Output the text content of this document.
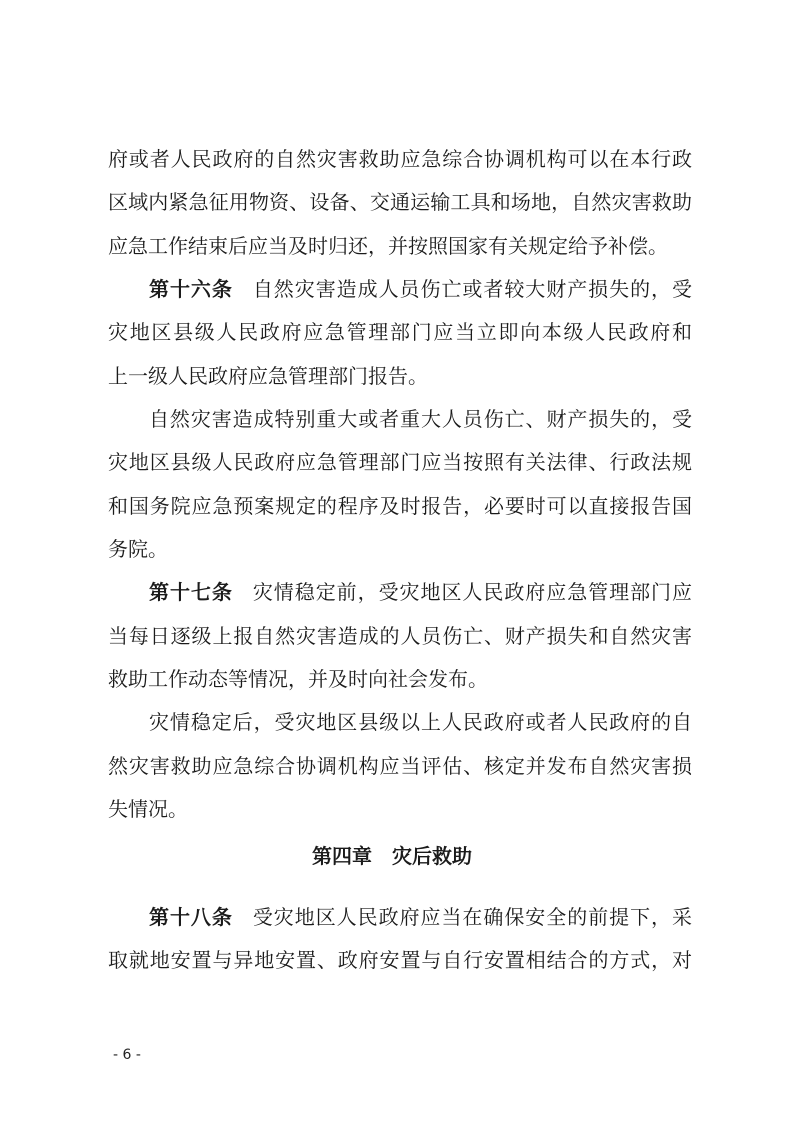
府或者人民政府的自然灾害救助应急综合协调机构可以在本行政
区域内紧急征用物资、设备、交通运输工具和场地，自然灾害救助
应急工作结束后应当及时归还，并按照国家有关规定给予补偿。
第十六条 自然灾害造成人员伤亡或者较大财产损失的，受
灾地区县级人民政府应急管理部门应当立即向本级人民政府和
上一级人民政府应急管理部门报告。
自然灾害造成特别重大或者重大人员伤亡、财产损失的，受
灾地区县级人民政府应急管理部门应当按照有关法律、行政法规
和国务院应急预案规定的程序及时报告，必要时可以直接报告国
务院。
第十七条 灾情稳定前，受灾地区人民政府应急管理部门应
当每日逐级上报自然灾害造成的人员伤亡、财产损失和自然灾害
救助工作动态等情况，并及时向社会发布。
灾情稳定后，受灾地区县级以上人民政府或者人民政府的自
然灾害救助应急综合协调机构应当评估、核定并发布自然灾害损
失情况。
第四章　灾后救助
第十八条 受灾地区人民政府应当在确保安全的前提下，采
取就地安置与异地安置、政府安置与自行安置相结合的方式，对
- 6 -
